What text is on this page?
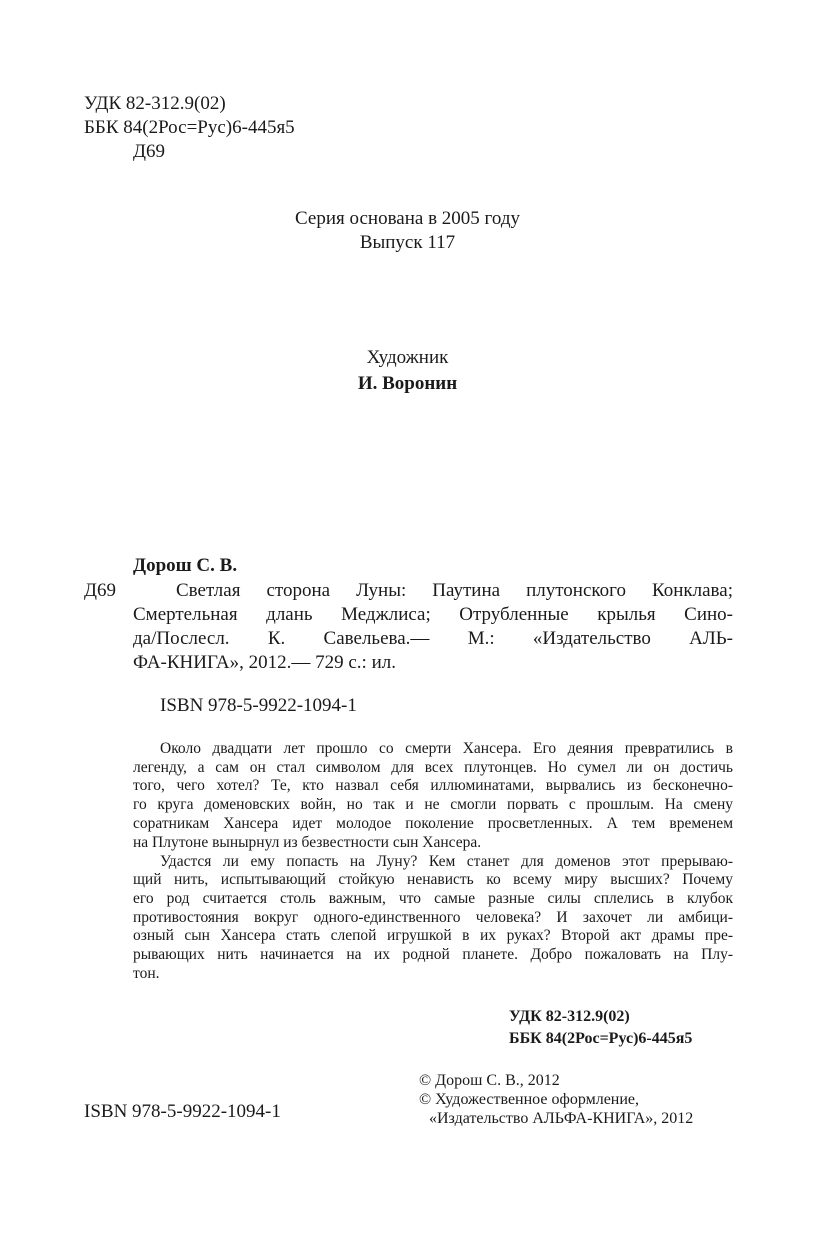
УДК 82-312.9(02)
ББК 84(2Рос=Рус)6-445я5
Д69
Серия основана в 2005 году
Выпуск 117
Художник
И. Воронин
Дорош С. В.
Д69	Светлая сторона Луны: Паутина плутонского Конклава;
Смертельная длань Меджлиса; Отрубленные крылья Сино-
да/Послесл. К. Савельева.— М.: «Издательство АЛЬ-
ФА-КНИГА», 2012.— 729 с.: ил.
ISBN 978-5-9922-1094-1
Около двадцати лет прошло со смерти Хансера. Его деяния превратились в
легенду, а сам он стал символом для всех плутонцев. Но сумел ли он достичь
того, чего хотел? Те, кто назвал себя иллюминатами, вырвались из бесконечно-
го круга доменовских войн, но так и не смогли порвать с прошлым. На смену
соратникам Хансера идет молодое поколение просветленных. А тем временем
на Плутоне вынырнул из безвестности сын Хансера.
Удастся ли ему попасть на Луну? Кем станет для доменов этот прерываю-
щий нить, испытывающий стойкую ненависть ко всему миру высших? Почему
его род считается столь важным, что самые разные силы сплелись в клубок
противостояния вокруг одного-единственного человека? И захочет ли амбици-
озный сын Хансера стать слепой игрушкой в их руках? Второй акт драмы пре-
рывающих нить начинается на их родной планете. Добро пожаловать на Плу-
тон.
УДК 82-312.9(02)
ББК 84(2Рос=Рус)6-445я5
ISBN 978-5-9922-1094-1
© Дорош С. В., 2012
© Художественное оформление,
«Издательство АЛЬФА-КНИГА», 2012
